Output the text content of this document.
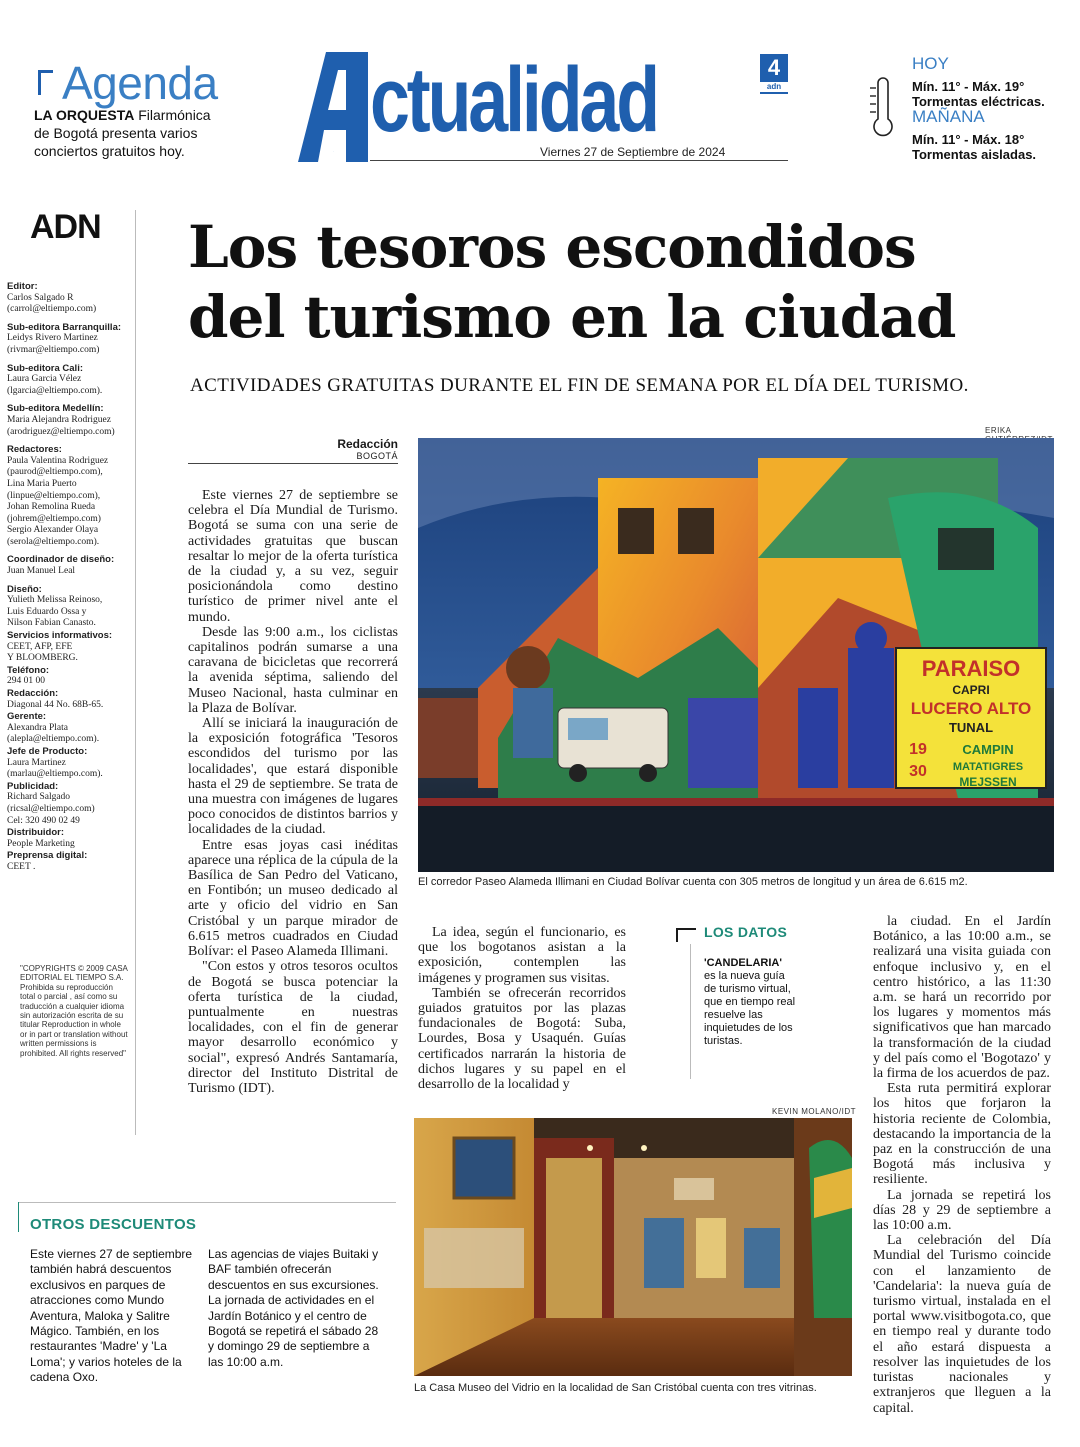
Agenda
LA ORQUESTA Filarmónica de Bogotá presenta varios conciertos gratuitos hoy.	A
ctualidad	4
adn
Viernes 27 de Septiembre de 2024
HOY
Mín. 11° - Máx. 19°
Tormentas eléctricas.
MAÑANA
Mín. 11° - Máx. 18°
Tormentas aisladas.
ADN
Editor:
Carlos Salgado R
(carrol@eltiempo.com)
Sub-editora Barranquilla:
Leidys Rivero Martinez
(rivmar@eltiempo.com)
Sub-editora Cali:
Laura Garcia Vélez
(lgarcia@eltiempo.com).
Sub-editora Medellín:
Maria Alejandra Rodriguez
(arodriguez@eltiempo.com)
Redactores:
Paula Valentina Rodriguez
(paurod@eltiempo.com),
Lina Maria Puerto
(linpue@eltiempo.com),
Johan Remolina Rueda
(johrem@eltiempo.com)
Sergio Alexander Olaya
(serola@eltiempo.com).
Coordinador de diseño:
Juan Manuel Leal
Diseño:
Yulieth Melissa Reinoso,
Luis Eduardo Ossa y
Nilson Fabian Canasto.
Servicios informativos:
CEET, AFP, EFE
Y BLOOMBERG.
Teléfono:
294 01 00
Redacción:
Diagonal 44 No. 68B-65.
Gerente:
Alexandra Plata
(alepla@eltiempo.com).
Jefe de Producto:
Laura Martinez
(marlau@eltiempo.com).
Publicidad:
Richard Salgado
(ricsal@eltiempo.com)
Cel: 320 490 02 49
Distribuidor:
People Marketing
Preprensa digital:
CEET .
"COPYRIGHTS © 2009 CASA EDITORIAL EL TIEMPO S.A. Prohibida su reproducción total o parcial , así como su traducción a cualquier idioma sin autorización escrita de su titular Reproduction in whole or in part or translation without written permissions is prohibited. All rights reserved"
Los tesoros escondidos
del turismo en la ciudad
ACTIVIDADES GRATUITAS DURANTE EL FIN DE SEMANA POR EL DÍA DEL TURISMO.
Redacción
BOGOTÁ

Este viernes 27 de septiembre se celebra el Día Mundial de Turismo. Bogotá se suma con una serie de actividades gratuitas que buscan resaltar lo mejor de la oferta turística de la ciudad y, a su vez, seguir posicionándola como destino turístico de primer nivel ante el mundo.

Desde las 9:00 a.m., los ciclistas capitalinos podrán sumarse a una caravana de bicicletas que recorrerá la avenida séptima, saliendo del Museo Nacional, hasta culminar en la Plaza de Bolívar.

Allí se iniciará la inauguración de la exposición fotográfica 'Tesoros escondidos del turismo por las localidades', que estará disponible hasta el 29 de septiembre. Se trata de una muestra con imágenes de lugares poco conocidos de distintos barrios y localidades de la ciudad.

Entre esas joyas casi inéditas aparece una réplica de la cúpula de la Basílica de San Pedro del Vaticano, en Fontibón; un museo dedicado al arte y oficio del vidrio en San Cristóbal y un parque mirador de 6.615 metros cuadrados en Ciudad Bolívar: el Paseo Alameda Illimani.

"Con estos y otros tesoros ocultos de Bogotá se busca potenciar la oferta turística de la ciudad, puntualmente en nuestras localidades, con el fin de generar mayor desarrollo económico y social", expresó Andrés Santamaría, director del Instituto Distrital de Turismo (IDT).

La idea, según el funcionario, es que los bogotanos asistan a la exposición, contemplen las imágenes y programen sus visitas.

También se ofrecerán recorridos guiados gratuitos por las plazas fundacionales de Bogotá: Suba, Lourdes, Bosa y Usaquén. Guías certificados narrarán la historia de dichos lugares y su papel en el desarrollo de la localidad y

la ciudad. En el Jardín Botánico, a las 10:00 a.m., se realizará una visita guiada con enfoque inclusivo y, en el centro histórico, a las 11:30 a.m. se hará un recorrido por los lugares y momentos más significativos que han marcado la transformación de la ciudad y del país como el 'Bogotazo' y la firma de los acuerdos de paz.

Esta ruta permitirá explorar los hitos que forjaron la historia reciente de Colombia, destacando la importancia de la paz en la construcción de una Bogotá más inclusiva y resiliente.

La jornada se repetirá los días 28 y 29 de septiembre a las 10:00 a.m.

La celebración del Día Mundial del Turismo coincide con el lanzamiento de 'Candelaria': la nueva guía de turismo virtual, instalada en el portal www.visitbogota.co, que en tiempo real y durante todo el año estará dispuesta a resolver las inquietudes de los turistas nacionales y extranjeros que lleguen a la capital.

ERIKA
PARAISO
CAPRI
LUCERO ALTO
TUNAL
19
30
CAMPIN
MATATIGRES
MEJSSEN
El corredor Paseo Alameda Illimani en Ciudad Bolívar cuenta con 305 metros de longitud y un área de 6.615 m2.
LOS DATOS
'CANDELARIA' es la nueva guía de turismo virtual, que en tiempo real resuelve las inquietudes de los turistas.
KEVIN MOLANO/IDT
La Casa Museo del Vidrio en la localidad de San Cristóbal cuenta con tres vitrinas.
OTROS DESCUENTOS
Este viernes 27 de septiembre también habrá descuentos exclusivos en parques de atracciones como Mundo Aventura, Maloka y Salitre Mágico. También, en los restaurantes 'Madre' y 'La Loma'; y varios hoteles de la cadena Oxo.
Las agencias de viajes Buitaki y BAF también ofrecerán descuentos en sus excursiones. La jornada de actividades en el Jardín Botánico y el centro de Bogotá se repetirá el sábado 28 y domingo 29 de septiembre a las 10:00 a.m.
